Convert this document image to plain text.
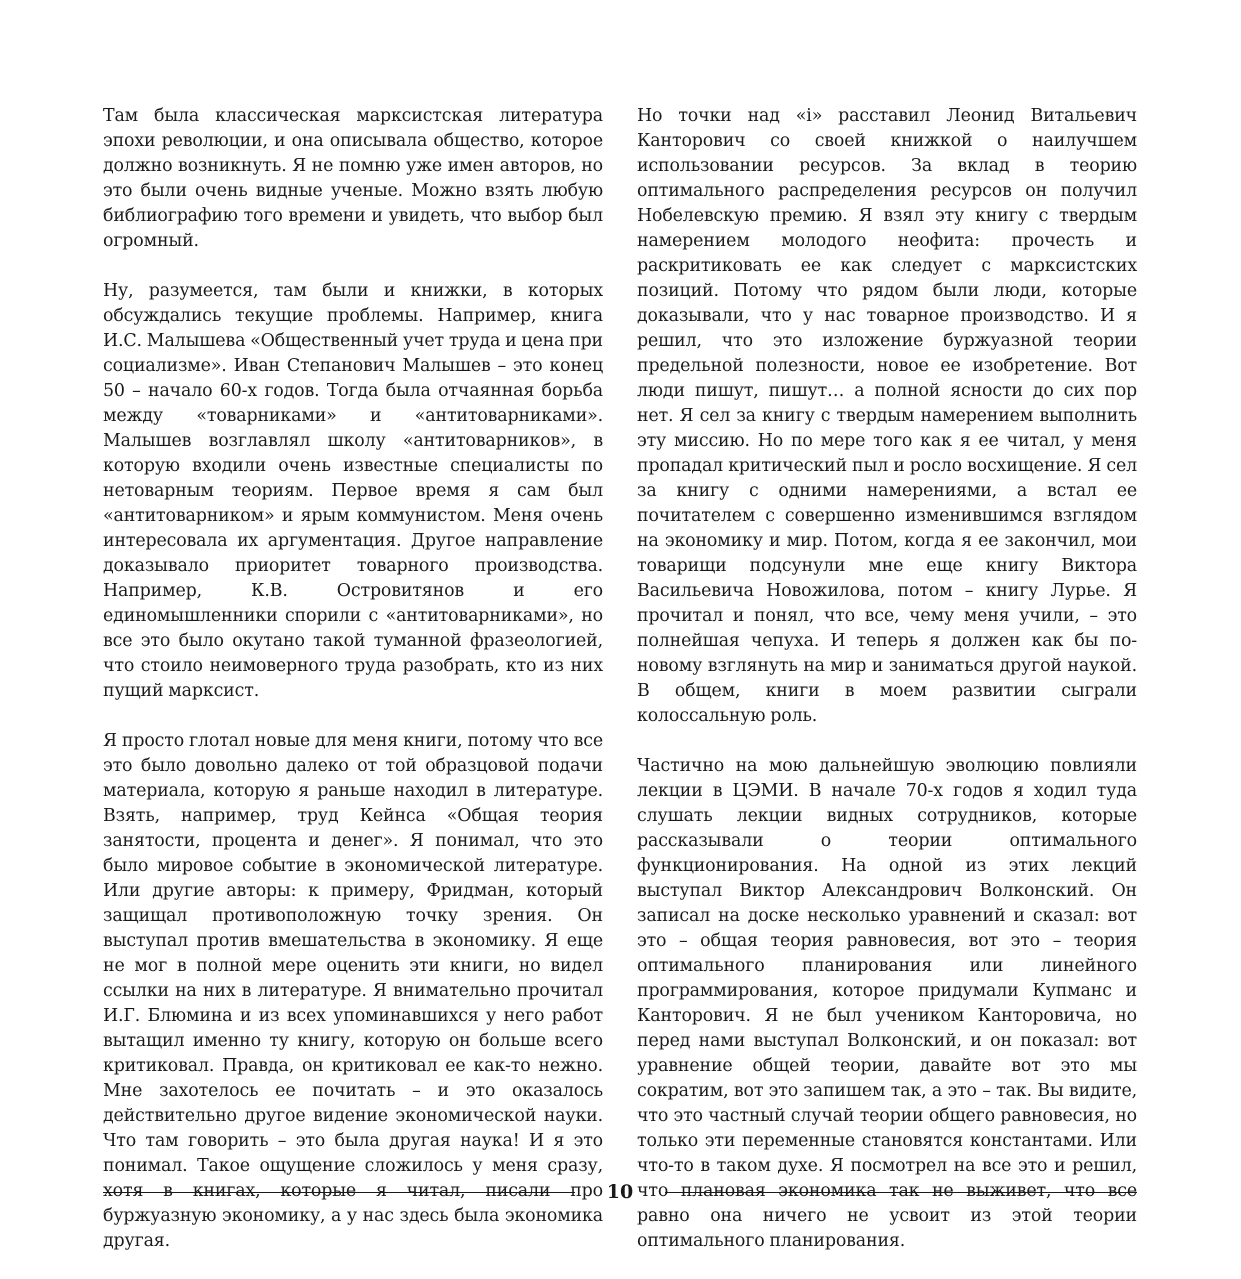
Там была классическая марксистская литература эпохи революции, и она описывала общество, которое должно возникнуть. Я не помню уже имен авторов, но это были очень видные ученые. Можно взять любую библиографию того времени и увидеть, что выбор был огромный.

Ну, разумеется, там были и книжки, в которых обсуждались текущие проблемы. Например, книга И.С. Малышева «Общественный учет труда и цена при социализме». Иван Степанович Малышев – это конец 50 – начало 60-х годов. Тогда была отчаянная борьба между «товарниками» и «антитоварниками». Малышев возглавлял школу «антитоварников», в которую входили очень известные специалисты по нетоварным теориям. Первое время я сам был «антитоварником» и ярым коммунистом. Меня очень интересовала их аргументация. Другое направление доказывало приоритет товарного производства. Например, К.В. Островитянов и его единомышленники спорили с «антитоварниками», но все это было окутано такой туманной фразеологией, что стоило неимоверного труда разобрать, кто из них пущий марксист.

Я просто глотал новые для меня книги, потому что все это было довольно далеко от той образцовой подачи материала, которую я раньше находил в литературе. Взять, например, труд Кейнса «Общая теория занятости, процента и денег». Я понимал, что это было мировое событие в экономической литературе. Или другие авторы: к примеру, Фридман, который защищал противоположную точку зрения. Он выступал против вмешательства в экономику. Я еще не мог в полной мере оценить эти книги, но видел ссылки на них в литературе. Я внимательно прочитал И.Г. Блюмина и из всех упоминавшихся у него работ вытащил именно ту книгу, которую он больше всего критиковал. Правда, он критиковал ее как-то нежно. Мне захотелось ее почитать – и это оказалось действительно другое видение экономической науки. Что там говорить – это была другая наука! И я это понимал. Такое ощущение сложилось у меня сразу, хотя в книгах, которые я читал, писали про буржуазную экономику, а у нас здесь была экономика другая.

Но точки над «i» расставил Леонид Витальевич Канторович со своей книжкой о наилучшем использовании ресурсов. За вклад в теорию оптимального распределения ресурсов он получил Нобелевскую премию. Я взял эту книгу с твердым намерением молодого неофита: прочесть и раскритиковать ее как следует с марксистских позиций. Потому что рядом были люди, которые доказывали, что у нас товарное производство. И я решил, что это изложение буржуазной теории предельной полезности, новое ее изобретение. Вот люди пишут, пишут… а полной ясности до сих пор нет. Я сел за книгу с твердым намерением выполнить эту миссию. Но по мере того как я ее читал, у меня пропадал критический пыл и росло восхищение. Я сел за книгу с одними намерениями, а встал ее почитателем с совершенно изменившимся взглядом на экономику и мир. Потом, когда я ее закончил, мои товарищи подсунули мне еще книгу Виктора Васильевича Новожилова, потом – книгу Лурье. Я прочитал и понял, что все, чему меня учили, – это полнейшая чепуха. И теперь я должен как бы по-новому взглянуть на мир и заниматься другой наукой. В общем, книги в моем развитии сыграли колоссальную роль.

Частично на мою дальнейшую эволюцию повлияли лекции в ЦЭМИ. В начале 70-х годов я ходил туда слушать лекции видных сотрудников, которые рассказывали о теории оптимального функционирования. На одной из этих лекций выступал Виктор Александрович Волконский. Он записал на доске несколько уравнений и сказал: вот это – общая теория равновесия, вот это – теория оптимального планирования или линейного программирования, которое придумали Купманс и Канторович. Я не был учеником Канторовича, но перед нами выступал Волконский, и он показал: вот уравнение общей теории, давайте вот это мы сократим, вот это запишем так, а это – так. Вы видите, что это частный случай теории общего равновесия, но только эти переменные становятся константами. Или что-то в таком духе. Я посмотрел на все это и решил, что плановая экономика так не выживет, что все равно она ничего не усвоит из этой теории оптимального планирования.

10
